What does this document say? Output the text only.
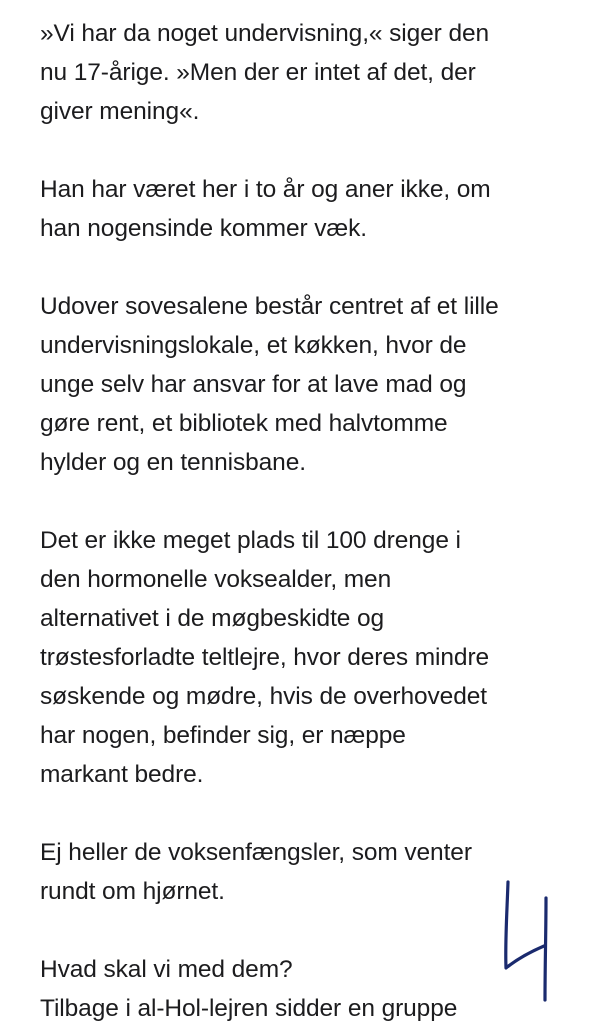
»Vi har da noget undervisning,« siger den
nu 17-årige. »Men der er intet af det, der
giver mening«.

Han har været her i to år og aner ikke, om
han nogensinde kommer væk.

Udover sovesalene består centret af et lille
undervisningslokale, et køkken, hvor de
unge selv har ansvar for at lave mad og
gøre rent, et bibliotek med halvtomme
hylder og en tennisbane.

Det er ikke meget plads til 100 drenge i
den hormonelle voksealder, men
alternativet i de møgbeskidte og
trøstesforladte teltlejre, hvor deres mindre
søskende og mødre, hvis de overhovedet
har nogen, befinder sig, er næppe
markant bedre.

Ej heller de voksenfængsler, som venter
rundt om hjørnet.

Hvad skal vi med dem?

Tilbage i al-Hol-lejren sidder en gruppe
